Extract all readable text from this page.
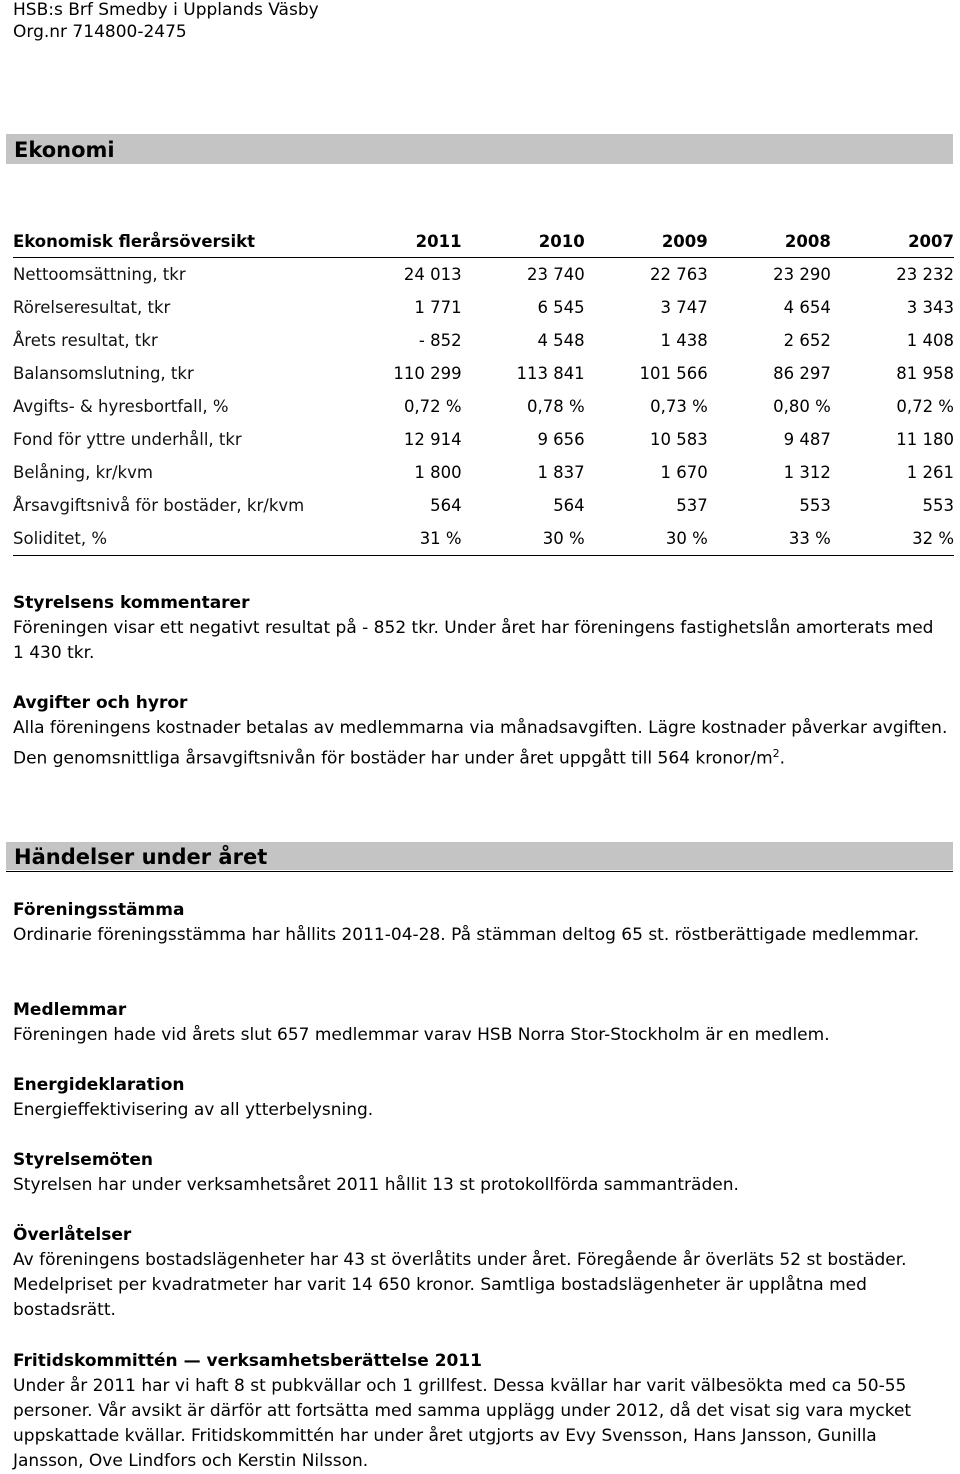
HSB:s Brf Smedby i Upplands Väsby
Org.nr 714800-2475
Ekonomi
Ekonomisk flerårsöversikt	2011	2010	2009	2008	2007
Nettoomsättning, tkr	24 013	23 740	22 763	23 290	23 232
Rörelseresultat, tkr	1 771	6 545	3 747	4 654	3 343
Årets resultat, tkr	- 852	4 548	1 438	2 652	1 408
Balansomslutning, tkr	110 299	113 841	101 566	86 297	81 958
Avgifts- & hyresbortfall, %	0,72 %	0,78 %	0,73 %	0,80 %	0,72 %
Fond för yttre underhåll, tkr	12 914	9 656	10 583	9 487	11 180
Belåning, kr/kvm	1 800	1 837	1 670	1 312	1 261
Årsavgiftsnivå för bostäder, kr/kvm	564	564	537	553	553
Soliditet, %	31 %	30 %	30 %	33 %	32 %
Styrelsens kommentarer
Föreningen visar ett negativt resultat på - 852 tkr. Under året har föreningens fastighetslån amorterats med 1 430 tkr.
Avgifter och hyror
Alla föreningens kostnader betalas av medlemmarna via månadsavgiften. Lägre kostnader påverkar avgiften. Den genomsnittliga årsavgiftsnivån för bostäder har under året uppgått till 564 kronor/$m^2$.
Händelser under året
Föreningsstämma
Ordinarie föreningsstämma har hållits 2011-04-28. På stämman deltog 65 st. röstberättigade medlemmar.
Medlemmar
Föreningen hade vid årets slut 657 medlemmar varav HSB Norra Stor-Stockholm är en medlem.
Energideklaration
Energieffektivisering av all ytterbelysning.
Styrelsemöten
Styrelsen har under verksamhetsåret 2011 hållit 13 st protokollförda sammanträden.
Överlåtelser
Av föreningens bostadslägenheter har 43 st överlåtits under året. Föregående år överläts 52 st bostäder. Medelpriset per kvadratmeter har varit 14 650 kronor. Samtliga bostadslägenheter är upplåtna med bostadsrätt.
Fritidskommittén — verksamhetsberättelse 2011
Under år 2011 har vi haft 8 st pubkvällar och 1 grillfest. Dessa kvällar har varit välbesökta med ca 50-55 personer. Vår avsikt är därför att fortsätta med samma upplägg under 2012, då det visat sig vara mycket uppskattade kvällar. Fritidskommittén har under året utgjorts av Evy Svensson, Hans Jansson, Gunilla Jansson, Ove Lindfors och Kerstin Nilsson.
